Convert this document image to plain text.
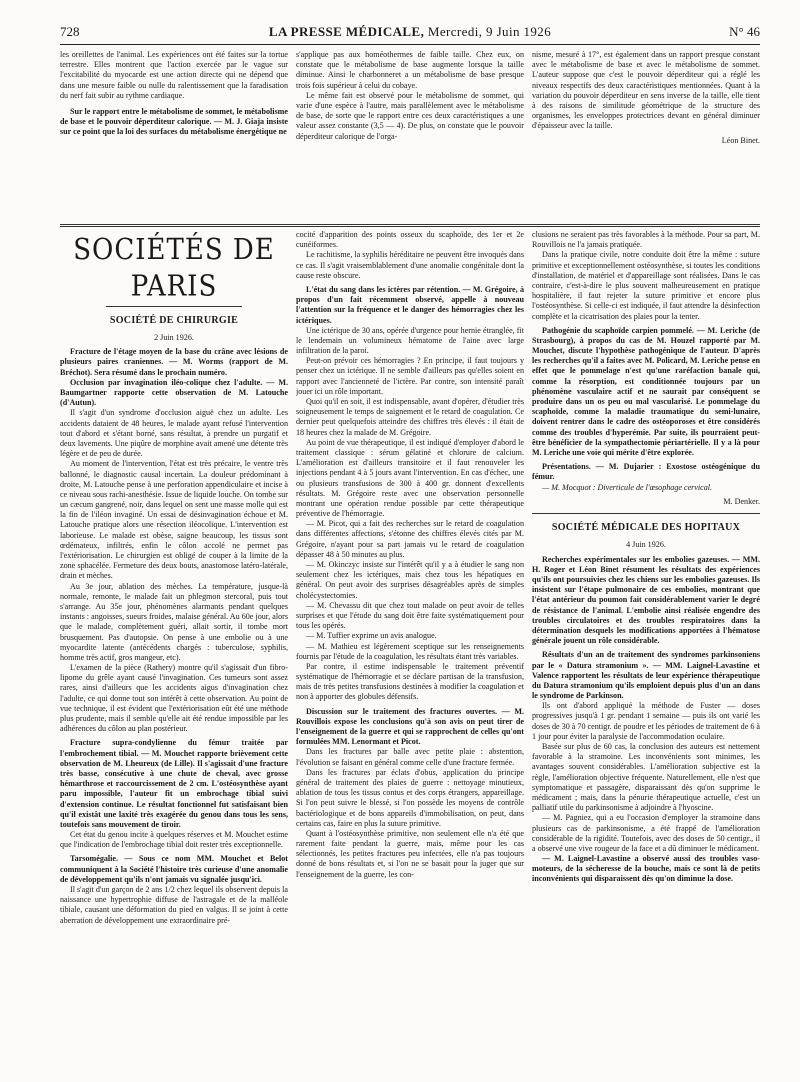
728	LA PRESSE MÉDICALE, Mercredi, 9 Juin 1926	N° 46

les oreillettes de l'animal. Les expériences ont été faites sur la tortue terrestre. Elles montrent que l'action exercée par le vague sur l'excitabilité du myocarde est une action directe qui ne dépend que dans une mesure faible ou nulle du ralentissement que la faradisation du nerf fait subir au rythme cardiaque.

Sur le rapport entre le métabolisme de sommet, le métabolisme de base et le pouvoir déperditeur calorique. — M. J. Giaja insiste sur ce point que la loi des surfaces du métabolisme énergétique ne

s'applique pas aux homéothermes de faible taille. Chez eux, on constate que le métabolisme de base augmente lorsque la taille diminue. Ainsi le charbonneret a un métabolisme de base presque trois fois supérieur à celui du cobaye.

Le même fait est observé pour le métabolisme de sommet, qui varie d'une espèce à l'autre, mais parallèlement avec le métabolisme de base, de sorte que le rapport entre ces deux caractéristiques a une valeur assez constante (3,5 — 4). De plus, on constate que le pouvoir déperditeur calorique de l'orga-

nisme, mesuré à 17°, est également dans un rapport presque constant avec le métabolisme de base et avec le métabolisme de sommet. L'auteur suppose que c'est le pouvoir déperditeur qui a réglé les niveaux respectifs des deux caractéristiques mentionnées. Quant à la variation du pouvoir déperditeur en sens inverse de la taille, elle tient à des raisons de similitude géométrique de la structure des organismes, les enveloppes protectrices devant en général diminuer d'épaisseur avec la taille.

Léon Binet.

SOCIÉTÉS DE PARIS
SOCIÉTÉ DE CHIRURGIE

2 Juin 1926.

Fracture de l'étage moyen de la base du crâne avec lésions de plusieurs paires craniennes. — M. Worms (rapport de M. Bréchot). Sera résumé dans le prochain numéro.

Occlusion par invagination iléo-colique chez l'adulte. — M. Baumgartner rapporte cette observation de M. Latouche (d'Autun).

Il s'agit d'un syndrome d'occlusion aiguë chez un adulte. Les accidents dataient de 48 heures, le malade ayant refusé l'intervention tout d'abord et s'étant borné, sans résultat, à prendre un purgatif et deux lavements. Une piqûre de morphine avait amené une détente très légère et de peu de durée.

Au moment de l'intervention, l'état est très précaire, le ventre très ballonné, le diagnostic causal incertain. La douleur prédominant à droite, M. Latouche pense à une perforation appendiculaire et incise à ce niveau sous rachi-anesthésie. Issue de liquide louche. On tombe sur un cæcum gangrené, noir, dans lequel on sent une masse molle qui est la fin de l'iléon invaginé. Un essai de désinvagination échoue et M. Latouche pratique alors une résection iléocolique. L'intervention est laborieuse. Le malade est obèse, saigne beaucoup, les tissus sont œdémateux, infiltrés, enfin le côlon accolé ne permet pas l'extériorisation. Le chirurgien est obligé de couper à la limite de la zone sphacélée. Fermeture des deux bouts, anastomose latéro-latérale, drain et mèches.

Au 3e jour, ablation des mèches. La température, jusque-là normale, remonte, le malade fait un phlegmon stercoral, puis tout s'arrange. Au 35e jour, phénomènes alarmants pendant quelques instants : angoisses, sueurs froides, malaise général. Au 60e jour, alors que le malade, complètement guéri, allait sortir, il tombe mort brusquement. Pas d'autopsie. On pense à une embolie ou à une myocardite latente (antécédents chargés : tuberculose, syphilis, homme très actif, gros mangeur, etc).

L'examen de la pièce (Rathery) montre qu'il s'agissait d'un fibro-lipome du grêle ayant causé l'invagination. Ces tumeurs sont assez rares, ainsi d'ailleurs que les accidents aigus d'invagination chez l'adulte, ce qui donne tout son intérêt à cette observation. Au point de vue technique, il est évident que l'extériorisation eût été une méthode plus prudente, mais il semble qu'elle ait été rendue impossible par les adhérences du côlon au plan postérieur.

Fracture supra-condylienne du fémur traitée par l'embrochement tibial. — M. Mouchet rapporte brièvement cette observation de M. Lheureux (de Lille). Il s'agissait d'une fracture très basse, consécutive à une chute de cheval, avec grosse hémarthrose et raccourcissement de 2 cm. L'ostéosynthèse ayant paru impossible, l'auteur fit un embrochage tibial suivi d'extension continue. Le résultat fonctionnel fut satisfaisant bien qu'il existât une laxité très exagérée du genou dans tous les sens, toutefois sans mouvement de tiroir.

Cet état du genou incite à quelques réserves et M. Mouchet estime que l'indication de l'embrochage tibial doit rester très exceptionnelle.

Tarsomégalie. — Sous ce nom MM. Mouchet et Belot communiquent à la Société l'histoire très curieuse d'une anomalie de développement qu'ils n'ont jamais vu signalée jusqu'ici.

Il s'agit d'un garçon de 2 ans 1/2 chez lequel ils observent depuis la naissance une hypertrophie diffuse de l'astragale et de la malléole tibiale, causant une déformation du pied en valgus. Il se joint à cette aberration de développement une extraordinaire pré-

cocité d'apparition des points osseux du scaphoïde, des 1er et 2e cunéiformes.

Le rachitisme, la syphilis héréditaire ne peuvent être invoqués dans ce cas. Il s'agit vraisemblablement d'une anomalie congénitale dont la cause reste obscure.

L'état du sang dans les ictères par rétention. — M. Grégoire, à propos d'un fait récemment observé, appelle à nouveau l'attention sur la fréquence et le danger des hémorragies chez les ictériques.

Une ictérique de 30 ans, opérée d'urgence pour hernie étranglée, fit le lendemain un volumineux hématome de l'aine avec large infiltration de la paroi.

Peut-on prévoir ces hémorragies ? En principe, il faut toujours y penser chez un ictérique. Il ne semble d'ailleurs pas qu'elles soient en rapport avec l'ancienneté de l'ictère. Par contre, son intensité paraît jouer ici un rôle important.

Quoi qu'il en soit, il est indispensable, avant d'opérer, d'étudier très soigneusement le temps de saignement et le retard de coagulation. Ce dernier peut quelquefois atteindre des chiffres très élevés : il était de 18 heures chez la malade de M. Grégoire.

Au point de vue thérapeutique, il est indiqué d'employer d'abord le traitement classique : sérum gélatiné et chlorure de calcium. L'amélioration est d'ailleurs transitoire et il faut renouveler les injections pendant 4 à 5 jours avant l'intervention. En cas d'échec, une ou plusieurs transfusions de 300 à 400 gr. donnent d'excellents résultats. M. Grégoire reste avec une observation personnelle montrant une opération rendue possible par cette thérapeutique préventive de l'hémorragie.

— M. Picot, qui a fait des recherches sur le retard de coagulation dans différentes affections, s'étonne des chiffres élevés cités par M. Grégoire, n'ayant pour sa part jamais vu le retard de coagulation dépasser 48 à 50 minutes au plus.

— M. Okinczyc insiste sur l'intérêt qu'il y a à étudier le sang non seulement chez les ictériques, mais chez tous les hépatiques en général. On peut avoir des surprises désagréables après de simples cholécystectomies.

— M. Chevassu dit que chez tout malade on peut avoir de telles surprises et que l'étude du sang doit être faite systématiquement pour tous les opérés.

— M. Tuffier exprime un avis analogue.

— M. Mathieu est légèrement sceptique sur les renseignements fournis par l'étude de la coagulation, les résultats étant très variables.

Par contre, il estime indispensable le traitement préventif systématique de l'hémorragie et se déclare partisan de la transfusion, mais de très petites transfusions destinées à modifier la coagulation et non à apporter des globules défensifs.

Discussion sur le traitement des fractures ouvertes. — M. Rouvillois expose les conclusions qu'à son avis on peut tirer de l'enseignement de la guerre et qui se rapprochent de celles qu'ont formulées MM. Lenormant et Picot.

Dans les fractures par balle avec petite plaie : abstention, l'évolution se faisant en général comme celle d'une fracture fermée.

Dans les fractures par éclats d'obus, application du principe général de traitement des plaies de guerre : nettoyage minutieux, ablation de tous les tissus contus et des corps étrangers, appareillage. Si l'on peut suivre le blessé, si l'on possède les moyens de contrôle bactériologique et de bons appareils d'immobilisation, on peut, dans certains cas, faire en plus la suture primitive.

Quant à l'ostéosynthèse primitive, non seulement elle n'a été que rarement faite pendant la guerre, mais, même pour les cas sélectionnés, les petites fractures peu infectées, elle n'a pas toujours donné de bons résultats et, si l'on ne se basait pour la juger que sur l'enseignement de la guerre, les con-

clusions ne seraient pas très favorables à la méthode. Pour sa part, M. Rouvillois ne l'a jamais pratiquée.

Dans la pratique civile, notre conduite doit être la même : suture primitive et exceptionnellement ostéosynthèse, si toutes les conditions d'installation, de matériel et d'appareillage sont réalisées. Dans le cas contraire, c'est-à-dire le plus souvent malheureusement en pratique hospitalière, il faut rejeter la suture primitive et encore plus l'ostéosynthèse. Si celle-ci est indiquée, il faut attendre la désinfection complète et la cicatrisation des plaies pour la tenter.

Pathogénie du scaphoïde carpien pommelé. — M. Leriche (de Strasbourg), à propos du cas de M. Houzel rapporté par M. Mouchet, discute l'hypothèse pathogénique de l'auteur. D'après les recherches qu'il a faites avec M. Policard, M. Leriche pense en effet que le pommelage n'est qu'une raréfaction banale qui, comme la résorption, est conditionnée toujours par un phénomène vasculaire actif et ne saurait par conséquent se produire dans un os peu ou mal vascularisé. Le pommelage du scaphoïde, comme la maladie traumatique du semi-lunaire, doivent rentrer dans le cadre des ostéoporoses et être considérés comme des troubles d'hyperémie. Par suite, ils pourraient peut-être bénéficier de la sympathectomie périartérielle. Il y a là pour M. Leriche une voie qui mérite d'être explorée.

Présentations. — M. Dujarier : Exostose ostéogénique du fémur.

— M. Mocquot : Diverticule de l'œsophage cervical.

M. Denker.

SOCIÉTÉ MÉDICALE DES HOPITAUX

4 Juin 1926.

Recherches expérimentales sur les embolies gazeuses. — MM. H. Roger et Léon Binet résument les résultats des expériences qu'ils ont poursuivies chez les chiens sur les embolies gazeuses. Ils insistent sur l'étape pulmonaire de ces embolies, montrant que l'état antérieur du poumon fait considérablement varier le degré de résistance de l'animal. L'embolie ainsi réalisée engendre des troubles circulatoires et des troubles respiratoires dans la détermination desquels les modifications apportées à l'hématose générale jouent un rôle considérable.

Résultats d'un an de traitement des syndromes parkinsoniens par le « Datura stramonium ». — MM. Laignel-Lavastine et Valence rapportent les résultats de leur expérience thérapeutique du Datura stramonium qu'ils emploient depuis plus d'un an dans le syndrome de Parkinson.

Ils ont d'abord appliqué la méthode de Fuster — doses progressives jusqu'à 1 gr. pendant 1 semaine — puis ils ont varié les doses de 30 à 70 centigr. de poudre et les périodes de traitement de 6 à 1 jour pour éviter la paralysie de l'accommodation oculaire.

Basée sur plus de 60 cas, la conclusion des auteurs est nettement favorable à la stramoine. Les inconvénients sont minimes, les avantages souvent considérables. L'amélioration subjective est la règle, l'amélioration objective fréquente. Naturellement, elle n'est que symptomatique et passagère, disparaissant dès qu'on supprime le médicament ; mais, dans la pénurie thérapeutique actuelle, c'est un palliatif utile du parkinsonisme à adjoindre à l'hyoscine.

— M. Pagniez, qui a eu l'occasion d'employer la stramoine dans plusieurs cas de parkinsonisme, a été frappé de l'amélioration considérable de la rigidité. Toutefois, avec des doses de 50 centigr., il a observé une vive rougeur de la face et a dû diminuer le médicament.

— M. Laignel-Lavastine a observé aussi des troubles vaso-moteurs, de la sécheresse de la bouche, mais ce sont là de petits inconvénients qui disparaissent dès qu'on diminue la dose.
